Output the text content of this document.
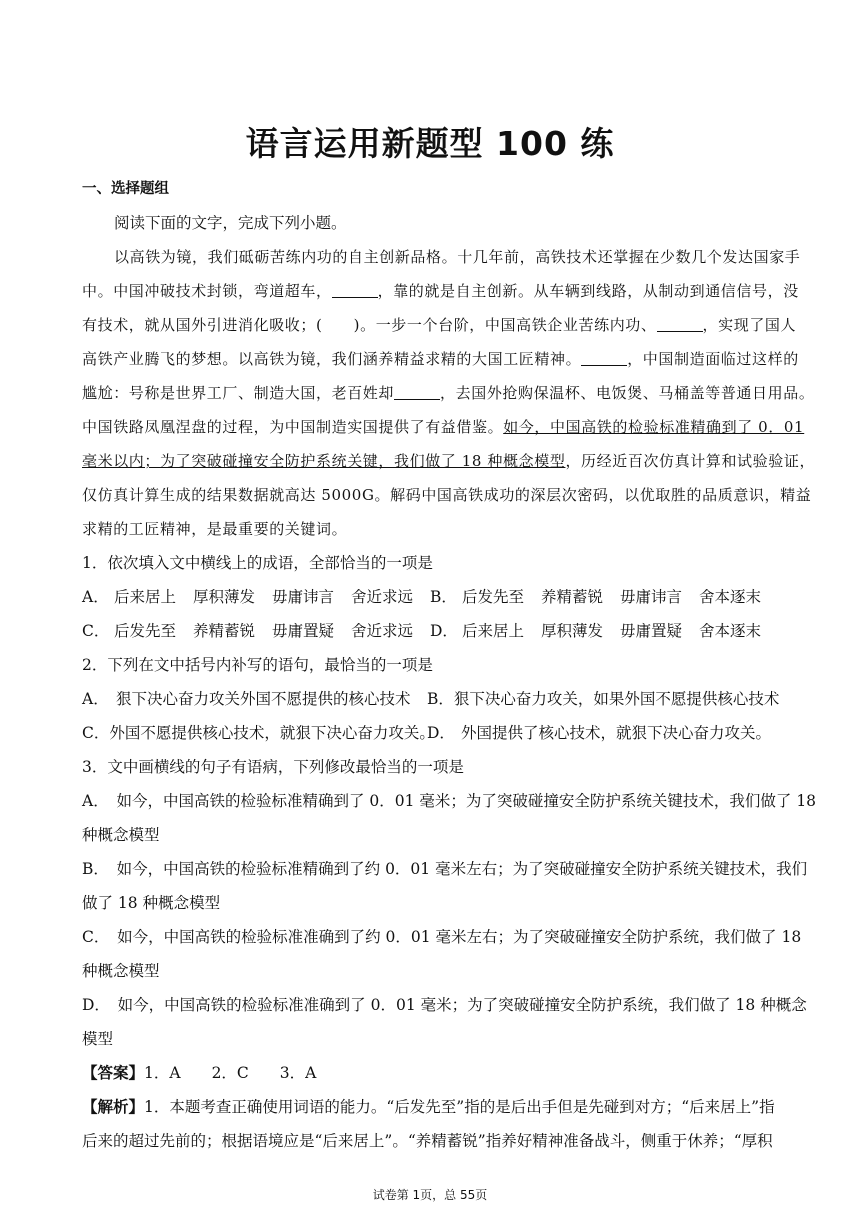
语言运用新题型 100 练
一、选择题组
阅读下面的文字，完成下列小题。
以高铁为镜，我们砥砺苦练内功的自主创新品格。十几年前，高铁技术还掌握在少数几个发达国家手
中。中国冲破技术封锁，弯道超车，	，靠的就是自主创新。从车辆到线路，从制动到通信信号，没
有技术，就从国外引进消化吸收；(　　)。一步一个台阶，中国高铁企业苦练内功、	，实现了国人
高铁产业腾飞的梦想。以高铁为镜，我们涵养精益求精的大国工匠精神。	，中国制造面临过这样的
尴尬：号称是世界工厂、制造大国，老百姓却	，去国外抢购保温杯、电饭煲、马桶盖等普通日用品。
中国铁路凤凰涅盘的过程，为中国制造实国提供了有益借鉴。如今，中国高铁的检验标准精确到了 0．01
毫米以内；为了突破碰撞安全防护系统关键，我们做了 18 种概念模型，历经近百次仿真计算和试验验证，
仅仿真计算生成的结果数据就高达 5000G。解码中国高铁成功的深层次密码，以优取胜的品质意识，精益
求精的工匠精神，是最重要的关键词。
1．依次填入文中横线上的成语，全部恰当的一项是
A． 后来居上	厚积薄发	毋庸讳言	舍近求远	B． 后发先至	养精蓄锐	毋庸讳言	舍本逐末
C． 后发先至	养精蓄锐	毋庸置疑	舍近求远	D． 后来居上	厚积薄发	毋庸置疑	舍本逐末
2．下列在文中括号内补写的语句，最恰当的一项是
A． 狠下决心奋力攻关外国不愿提供的核心技术 B． 狠下决心奋力攻关，如果外国不愿提供核心技术
C． 外国不愿提供核心技术，就狠下决心奋力攻关。
D． 外国提供了核心技术，就狠下决心奋力攻关。
3．文中画横线的句子有语病，下列修改最恰当的一项是
A．　如今，中国高铁的检验标准精确到了 0．01 毫米；为了突破碰撞安全防护系统关键技术，我们做了 18
种概念模型
B．　如今，中国高铁的检验标准精确到了约 0．01 毫米左右；为了突破碰撞安全防护系统关键技术，我们
做了 18 种概念模型
C．　如今，中国高铁的检验标准准确到了约 0．01 毫米左右；为了突破碰撞安全防护系统，我们做了 18
种概念模型
D．　如今，中国高铁的检验标准准确到了 0．01 毫米；为了突破碰撞安全防护系统，我们做了 18 种概念
模型
【答案】1．A　　2．C　　3．A
【解析】1．本题考查正确使用词语的能力。“后发先至”指的是后出手但是先碰到对方；“后来居上”指
后来的超过先前的；根据语境应是“后来居上”。“养精蓄锐”指养好精神准备战斗，侧重于休养；“厚积
试卷第 1页，总 55页
